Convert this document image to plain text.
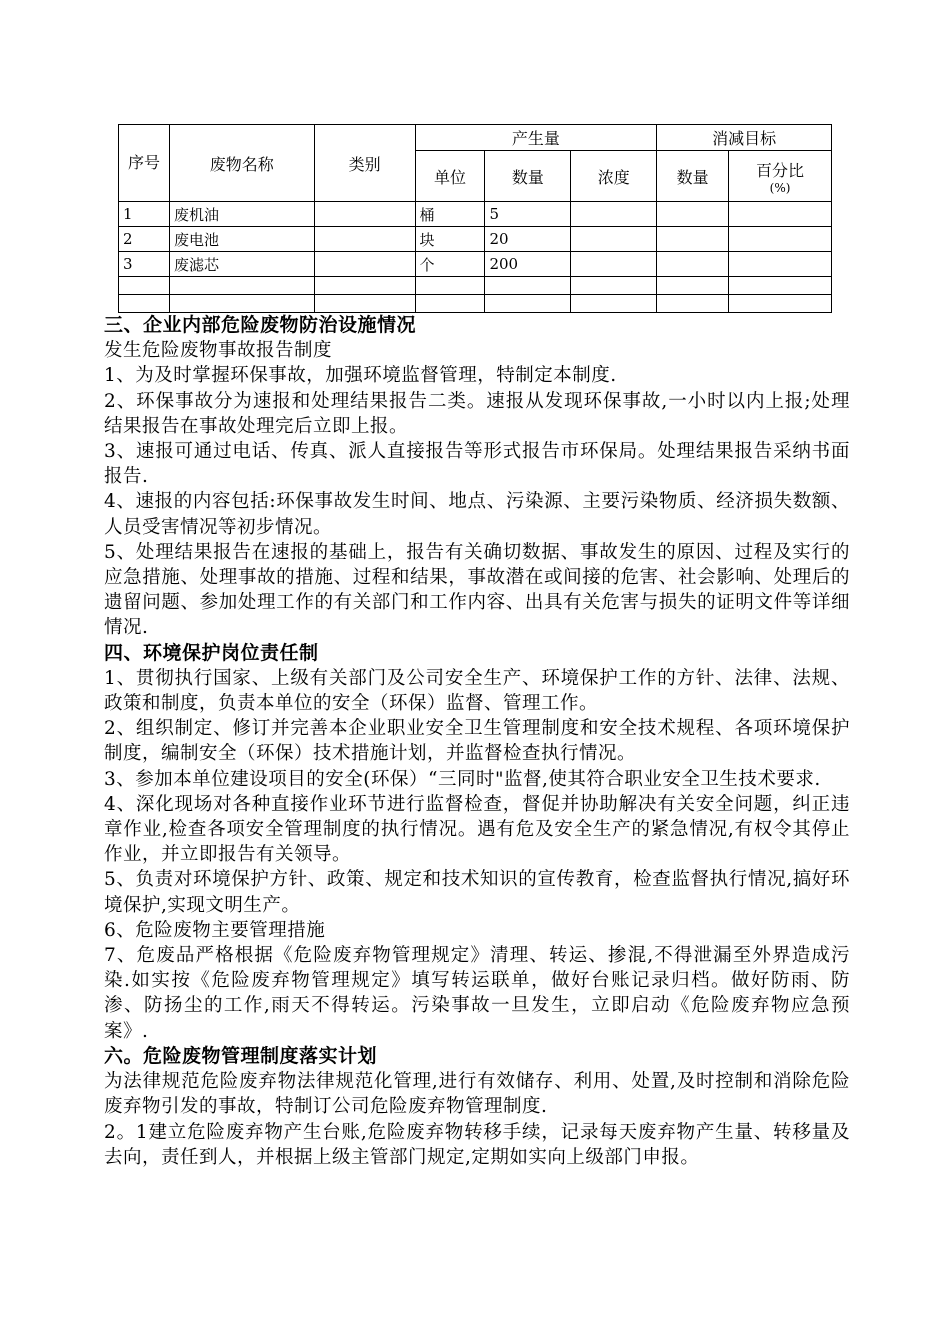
序号	废物名称	类别	产生量			消减目标	
			单位	数量	浓度	数量	百分比
(%)

1	废机油		桶	5			
2	废电池		块	20			
3	废滤芯		个	200			

三、企业内部危险废物防治设施情况

发生危险废物事故报告制度

1、为及时掌握环保事故，加强环境监督管理，特制定本制度.

2、环保事故分为速报和处理结果报告二类。速报从发现环保事故,一小时以内上报;处理结果报告在事故处理完后立即上报。

3、速报可通过电话、传真、派人直接报告等形式报告市环保局。处理结果报告采纳书面报告.

4、速报的内容包括:环保事故发生时间、地点、污染源、主要污染物质、经济损失数额、人员受害情况等初步情况。

5、处理结果报告在速报的基础上，报告有关确切数据、事故发生的原因、过程及实行的应急措施、处理事故的措施、过程和结果，事故潜在或间接的危害、社会影响、处理后的遗留问题、参加处理工作的有关部门和工作内容、出具有关危害与损失的证明文件等详细情况.

四、环境保护岗位责任制

1、贯彻执行国家、上级有关部门及公司安全生产、环境保护工作的方针、法律、法规、政策和制度，负责本单位的安全（环保）监督、管理工作。

2、组织制定、修订并完善本企业职业安全卫生管理制度和安全技术规程、各项环境保护制度，编制安全（环保）技术措施计划，并监督检查执行情况。

3、参加本单位建设项目的安全(环保）“三同时"监督,使其符合职业安全卫生技术要求.

4、深化现场对各种直接作业环节进行监督检查，督促并协助解决有关安全问题，纠正违章作业,检查各项安全管理制度的执行情况。遇有危及安全生产的紧急情况,有权令其停止作业，并立即报告有关领导。

5、负责对环境保护方针、政策、规定和技术知识的宣传教育，检查监督执行情况,搞好环境保护,实现文明生产。

6、危险废物主要管理措施

7、危废品严格根据《危险废弃物管理规定》清理、转运、掺混,不得泄漏至外界造成污染.如实按《危险废弃物管理规定》填写转运联单，做好台账记录归档。做好防雨、防渗、防扬尘的工作,雨天不得转运。污染事故一旦发生，立即启动《危险废弃物应急预案》.

六。危险废物管理制度落实计划

为法律规范危险废弃物法律规范化管理,进行有效储存、利用、处置,及时控制和消除危险废弃物引发的事故，特制订公司危险废弃物管理制度.

2。1建立危险废弃物产生台账,危险废弃物转移手续，记录每天废弃物产生量、转移量及去向，责任到人，并根据上级主管部门规定,定期如实向上级部门申报。
